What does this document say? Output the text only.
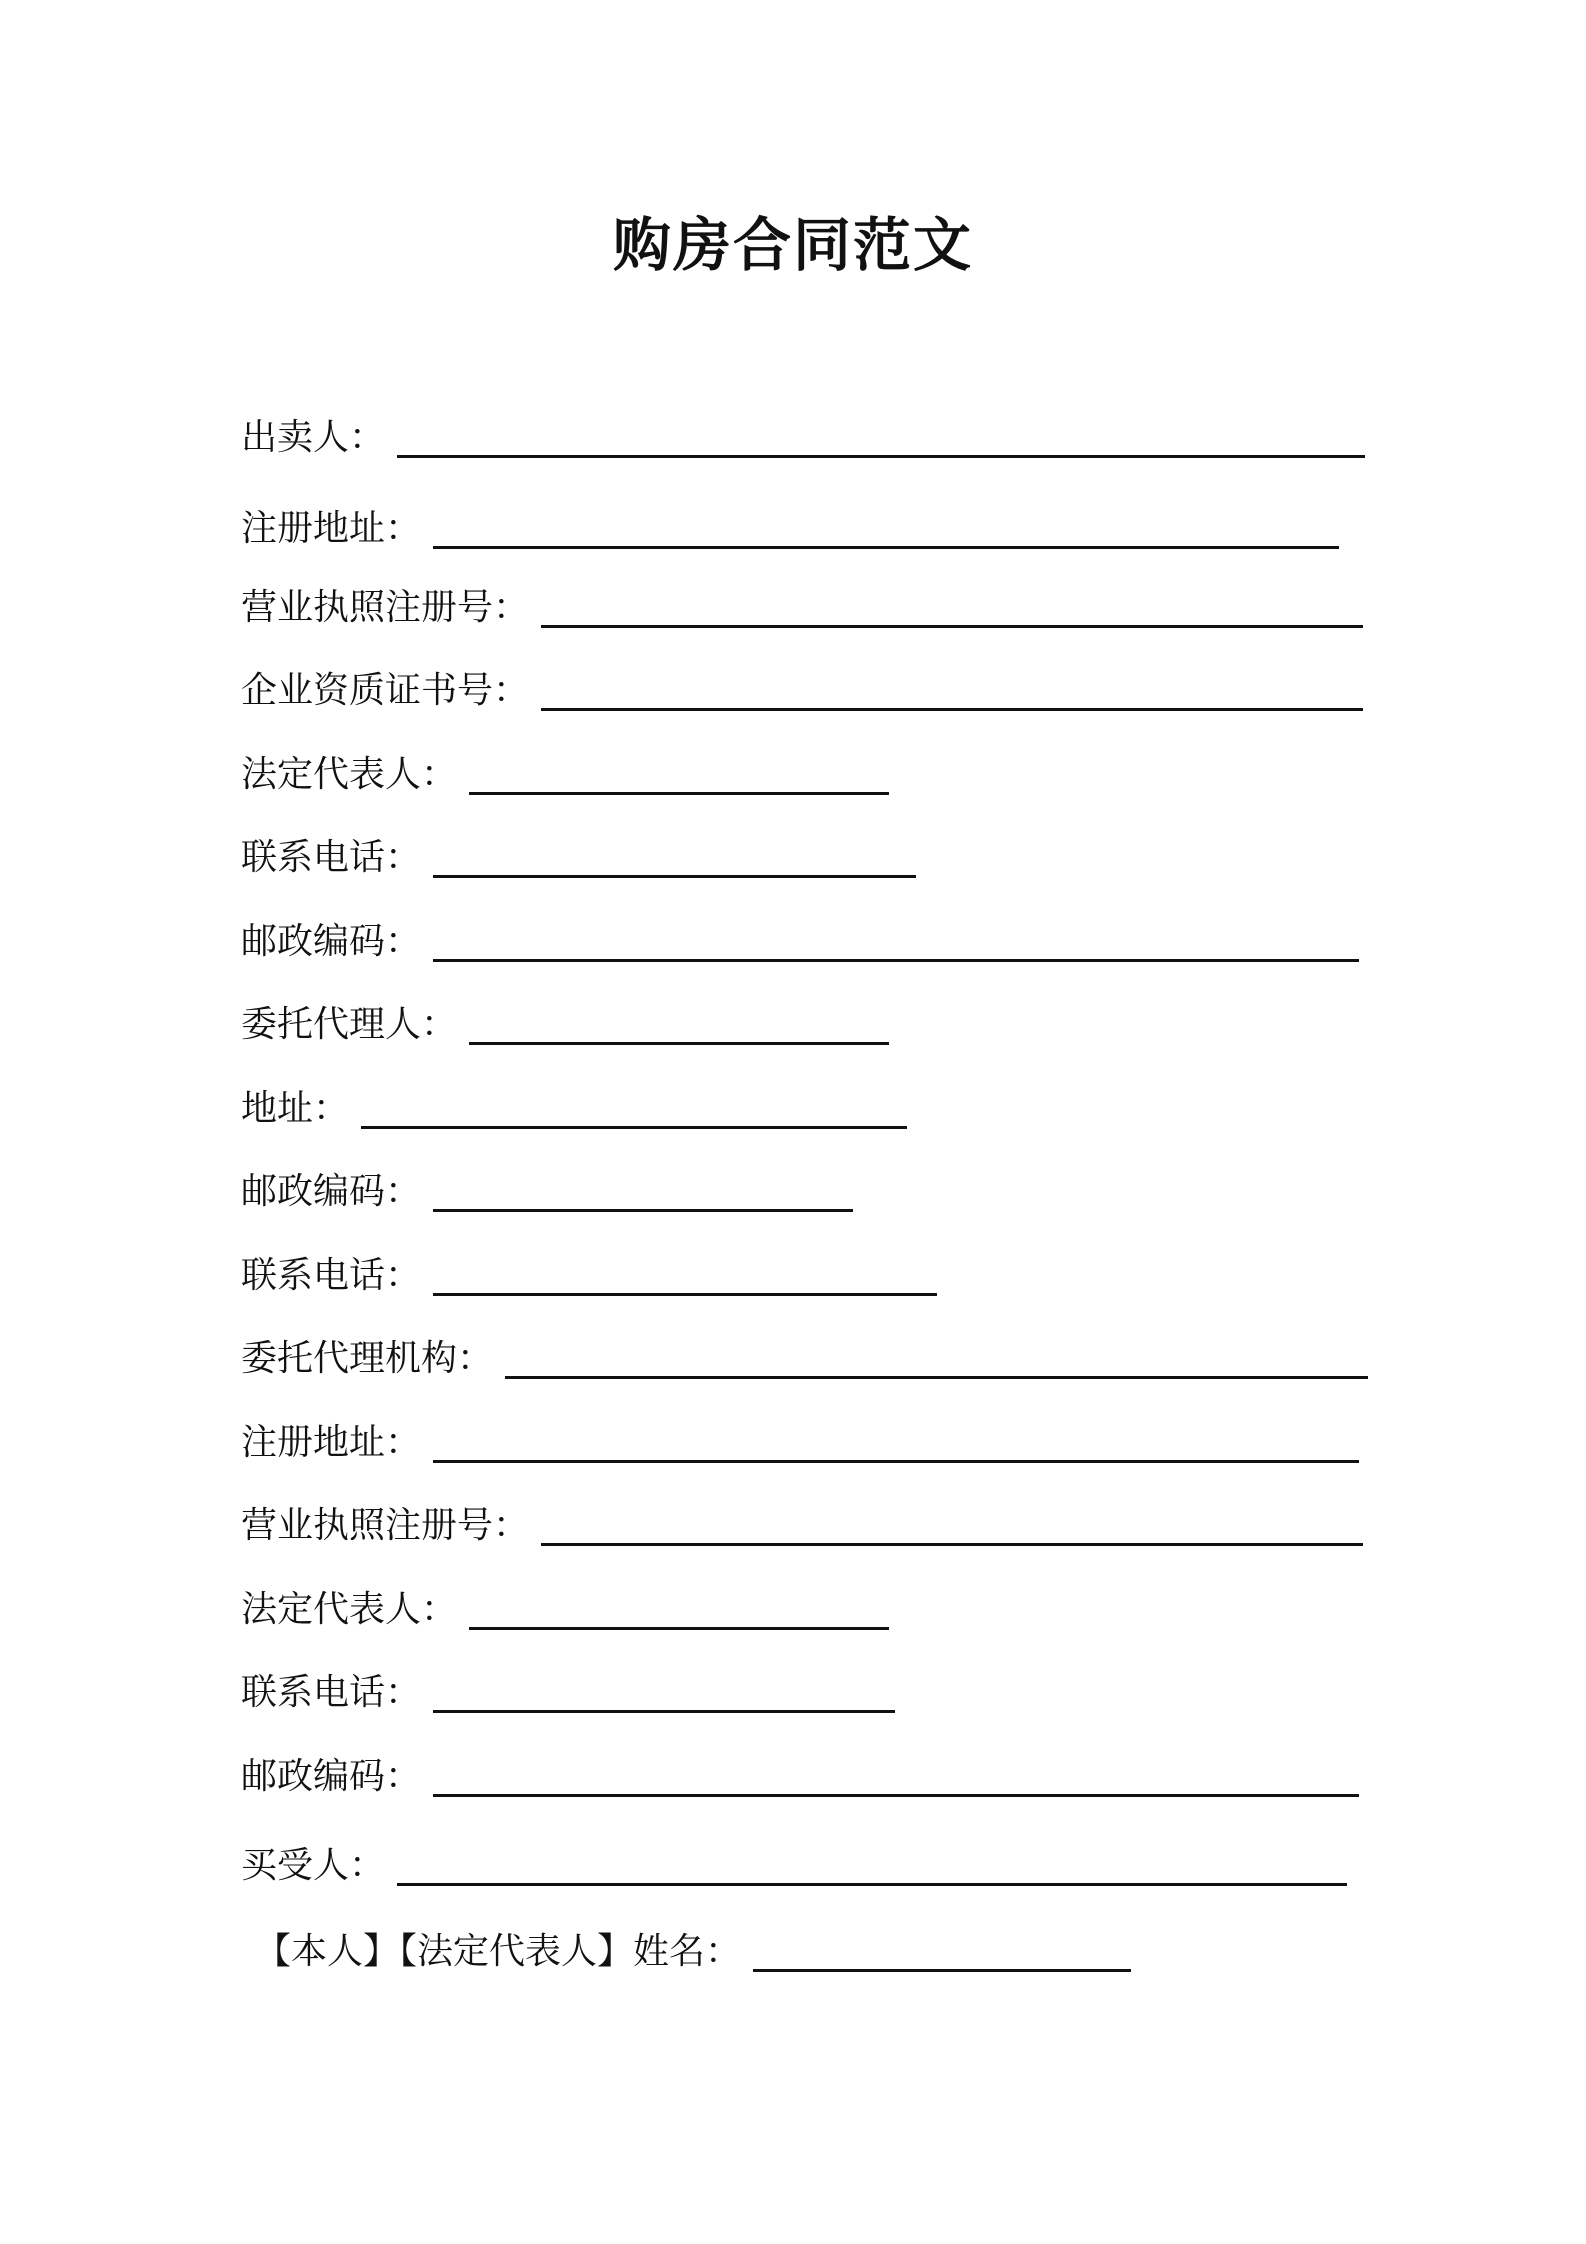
购房合同范文
出卖人：
注册地址：
营业执照注册号：
企业资质证书号：
法定代表人：
联系电话：
邮政编码：
委托代理人：
地址：
邮政编码：
联系电话：
委托代理机构：
注册地址：
营业执照注册号：
法定代表人：
联系电话：
邮政编码：
买受人：
【本人】【法定代表人】姓名：
